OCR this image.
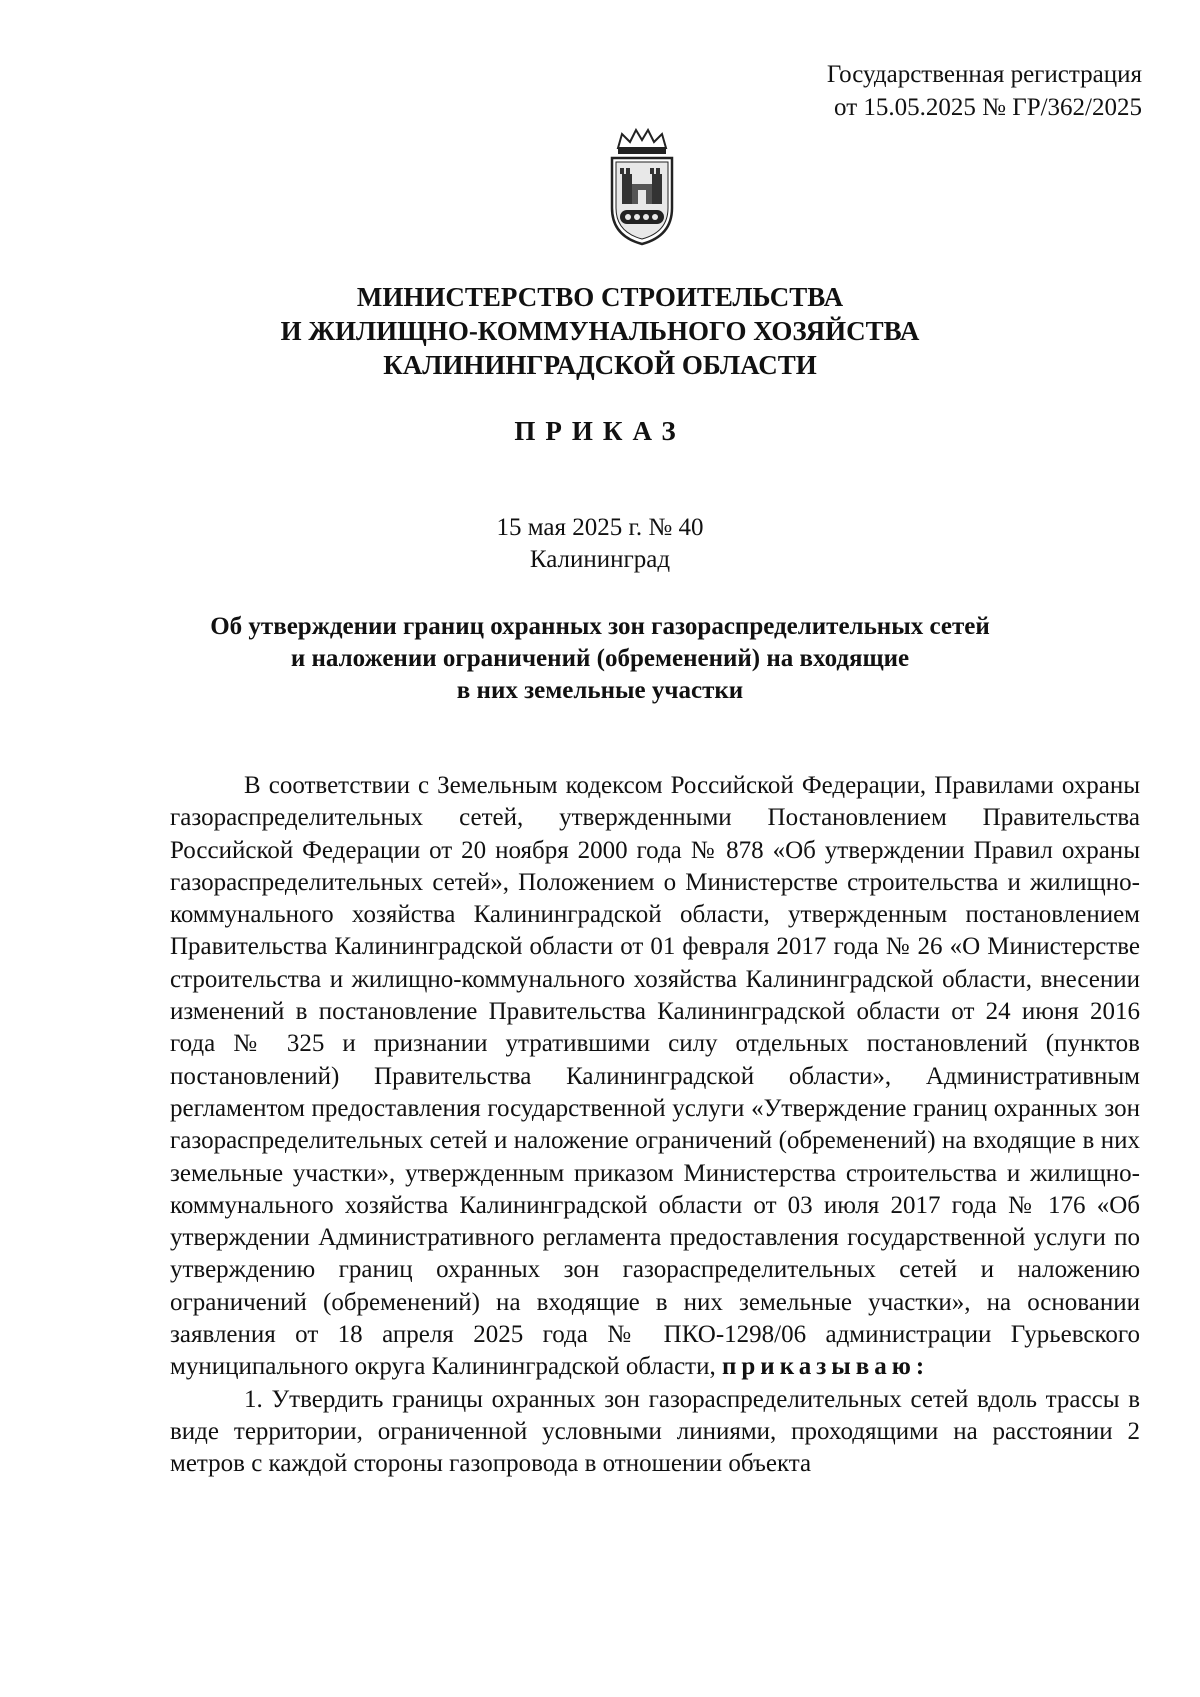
Государственная регистрация
от 15.05.2025 № ГР/362/2025
МИНИСТЕРСТВО СТРОИТЕЛЬСТВА
И ЖИЛИЩНО-КОММУНАЛЬНОГО ХОЗЯЙСТВА
КАЛИНИНГРАДСКОЙ ОБЛАСТИ
ПРИКАЗ
15 мая 2025 г. № 40
Калининград
Об утверждении границ охранных зон газораспределительных сетей
и наложении ограничений (обременений) на входящие
в них земельные участки

В соответствии с Земельным кодексом Российской Федерации, Правилами охраны газораспределительных сетей, утвержденными Постановлением Правительства Российской Федерации от 20 ноября 2000 года № 878 «Об утверждении Правил охраны газораспределительных сетей», Положением о Министерстве строительства и жилищно-коммунального хозяйства Калининградской области, утвержденным постановлением Правительства Калининградской области от 01 февраля 2017 года № 26 «О Министерстве строительства и жилищно-коммунального хозяйства Калининградской области, внесении изменений в постановление Правительства Калининградской области от 24 июня 2016 года № 325 и признании утратившими силу отдельных постановлений (пунктов постановлений) Правительства Калининградской области», Административным регламентом предоставления государственной услуги «Утверждение границ охранных зон газораспределительных сетей и наложение ограничений (обременений) на входящие в них земельные участки», утвержденным приказом Министерства строительства и жилищно-коммунального хозяйства Калининградской области от 03 июля 2017 года № 176 «Об утверждении Административного регламента предоставления государственной услуги по утверждению границ охранных зон газораспределительных сетей и наложению ограничений (обременений) на входящие в них земельные участки», на основании заявления от 18 апреля 2025 года № ПКО-1298/06 администрации Гурьевского муниципального округа Калининградской области, приказываю:

1. Утвердить границы охранных зон газораспределительных сетей вдоль трассы в виде территории, ограниченной условными линиями, проходящими на расстоянии 2 метров с каждой стороны газопровода в отношении объекта
